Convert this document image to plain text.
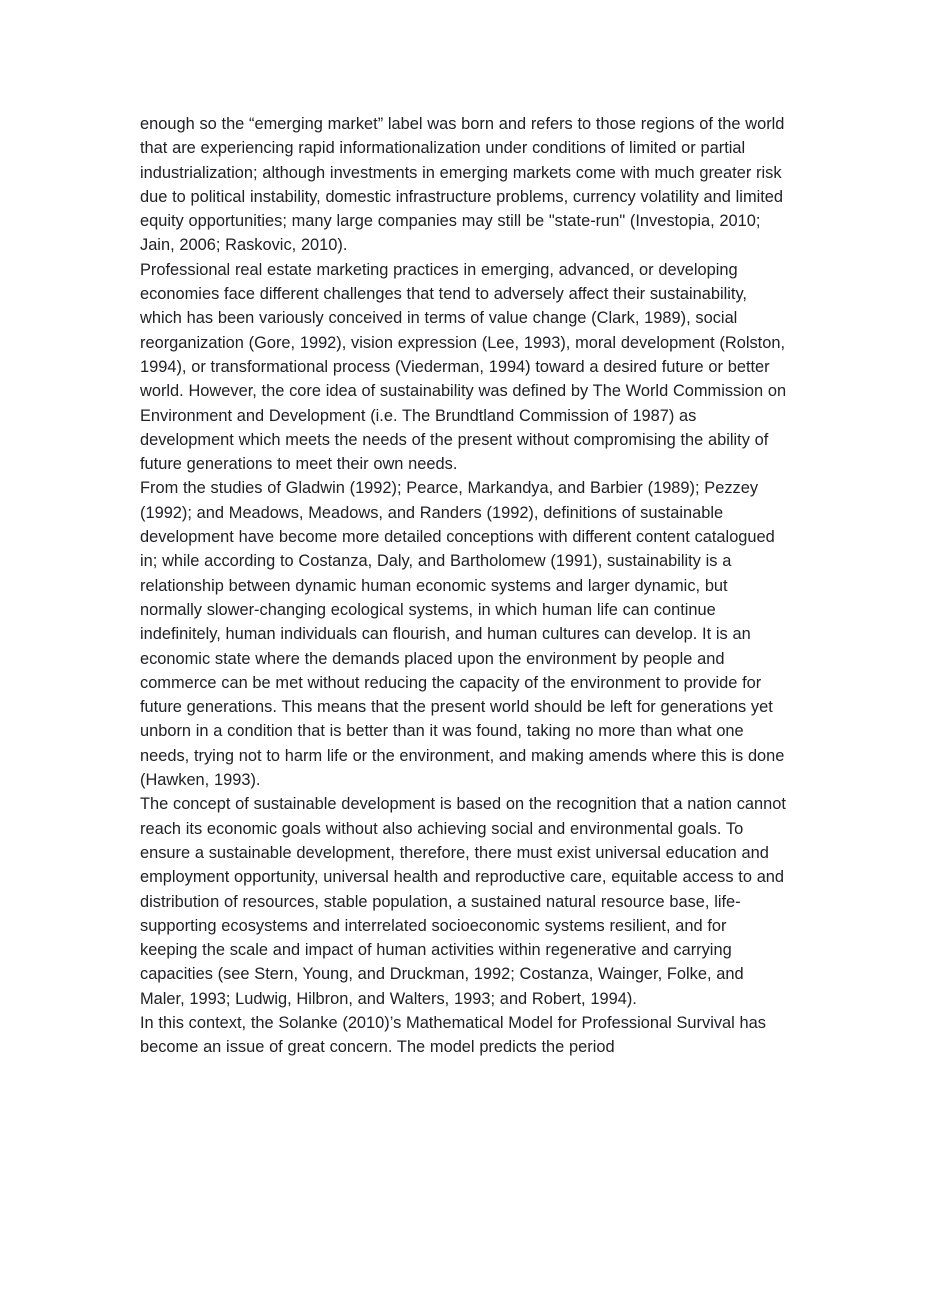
enough so the “emerging market” label was born and refers to those regions of the world that are experiencing rapid informationalization under conditions of limited or partial industrialization; although investments in emerging markets come with much greater risk due to political instability, domestic infrastructure problems, currency volatility and limited equity opportunities; many large companies may still be "state-run" (Investopia, 2010; Jain, 2006; Raskovic, 2010).

Professional real estate marketing practices in emerging, advanced, or developing economies face different challenges that tend to adversely affect their sustainability, which has been variously conceived in terms of value change (Clark, 1989), social reorganization (Gore, 1992), vision expression (Lee, 1993), moral development (Rolston, 1994), or transformational process (Viederman, 1994) toward a desired future or better world. However, the core idea of sustainability was defined by The World Commission on Environment and Development (i.e. The Brundtland Commission of 1987) as development which meets the needs of the present without compromising the ability of future generations to meet their own needs.

From the studies of Gladwin (1992); Pearce, Markandya, and Barbier (1989); Pezzey (1992); and Meadows, Meadows, and Randers (1992), definitions of sustainable development have become more detailed conceptions with different content catalogued in; while according to Costanza, Daly, and Bartholomew (1991), sustainability is a relationship between dynamic human economic systems and larger dynamic, but normally slower-changing ecological systems, in which human life can continue indefinitely, human individuals can flourish, and human cultures can develop. It is an economic state where the demands placed upon the environment by people and commerce can be met without reducing the capacity of the environment to provide for future generations. This means that the present world should be left for generations yet unborn in a condition that is better than it was found, taking no more than what one needs, trying not to harm life or the environment, and making amends where this is done (Hawken, 1993).

The concept of sustainable development is based on the recognition that a nation cannot reach its economic goals without also achieving social and environmental goals. To ensure a sustainable development, therefore, there must exist universal education and employment opportunity, universal health and reproductive care, equitable access to and distribution of resources, stable population, a sustained natural resource base, life-supporting ecosystems and interrelated socioeconomic systems resilient, and for keeping the scale and impact of human activities within regenerative and carrying capacities (see Stern, Young, and Druckman, 1992; Costanza, Wainger, Folke, and Maler, 1993; Ludwig, Hilbron, and Walters, 1993; and Robert, 1994).

In this context, the Solanke (2010)’s Mathematical Model for Professional Survival has become an issue of great concern. The model predicts the period
